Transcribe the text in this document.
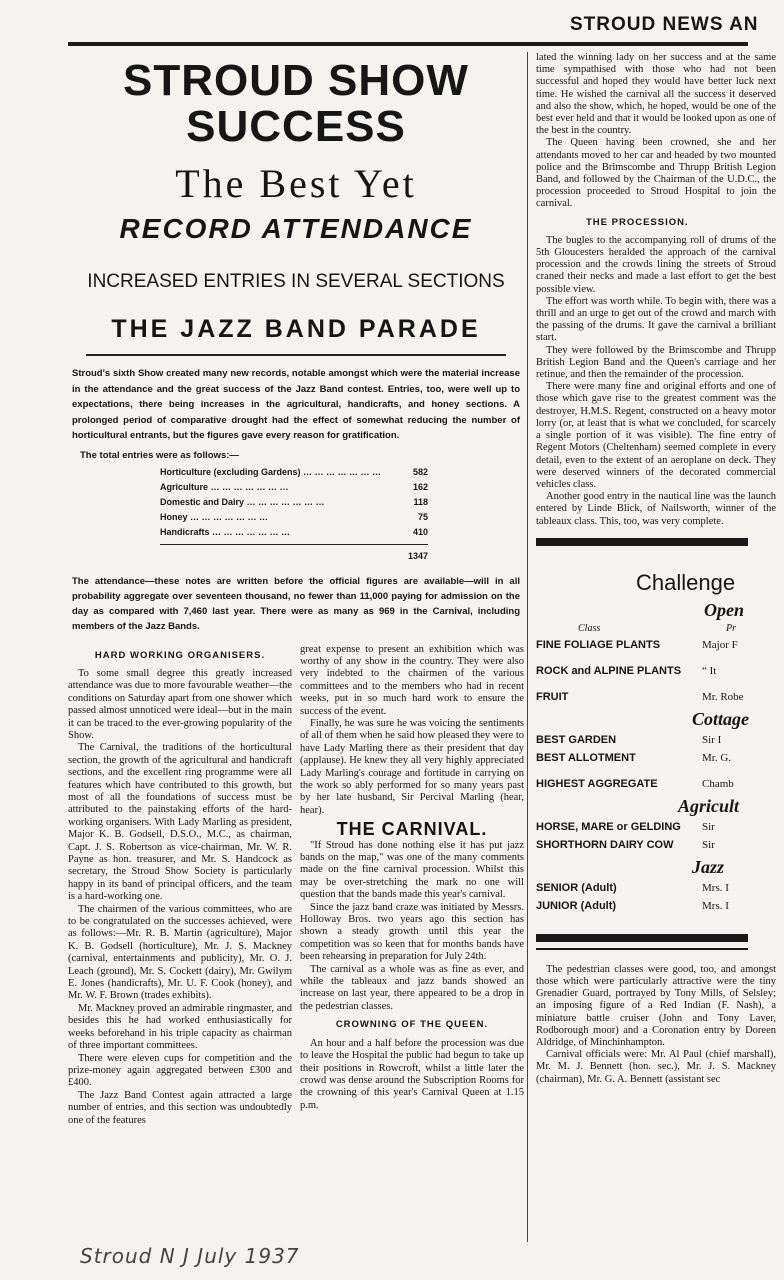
STROUD NEWS AN
STROUD SHOW SUCCESS
The Best Yet
RECORD ATTENDANCE
INCREASED ENTRIES IN SEVERAL SECTIONS
THE JAZZ BAND PARADE
Stroud's sixth Show created many new records, notable amongst which were the material increase in the attendance and the great success of the Jazz Band contest. Entries, too, were well up to expectations, there being increases in the agricultural, handicrafts, and honey sections. A prolonged period of comparative drought had the effect of somewhat reducing the number of horticultural entrants, but the figures gave every reason for gratification.
The total entries were as follows:—
Horticulture (excluding Gardens) … … … … … … …	582
Agriculture … … … … … … …	162
Domestic and Dairy … … … … … … …	118
Honey … … … … … … …	75
Handicrafts … … … … … … …	410
1347
The attendance—these notes are written before the official figures are available—will in all probability aggregate over seventeen thousand, no fewer than 11,000 paying for admission on the day as compared with 7,460 last year. There were as many as 969 in the Carnival, including members of the Jazz Bands.
HARD WORKING ORGANISERS.

To some small degree this greatly increased attendance was due to more favourable weather—the conditions on Saturday apart from one shower which passed almost unnoticed were ideal—but in the main it can be traced to the ever-growing popularity of the Show.

The Carnival, the traditions of the horticultural section, the growth of the agricultural and handicraft sections, and the excellent ring programme were all features which have contributed to this growth, but most of all the foundations of success must be attributed to the painstaking efforts of the hard-working organisers. With Lady Marling as president, Major K. B. Godsell, D.S.O., M.C., as chairman, Capt. J. S. Robertson as vice-chairman, Mr. W. R. Payne as hon. treasurer, and Mr. S. Handcock as secretary, the Stroud Show Society is particularly happy in its band of principal officers, and the team is a hard-working one.

The chairmen of the various committees, who are to be congratulated on the successes achieved, were as follows:—Mr. R. B. Martin (agriculture), Major K. B. Godsell (horticulture), Mr. J. S. Mackney (carnival, entertainments and publicity), Mr. O. J. Leach (ground), Mr. S. Cockett (dairy), Mr. Gwilym E. Jones (handicrafts), Mr. U. F. Cook (honey), and Mr. W. F. Brown (trades exhibits).

Mr. Mackney proved an admirable ringmaster, and besides this he had worked enthusiastically for weeks beforehand in his triple capacity as chairman of three important committees.

There were eleven cups for competition and the prize-money again aggregated between £300 and £400.

The Jazz Band Contest again attracted a large number of entries, and this section was undoubtedly one of the features

great expense to present an exhibition which was worthy of any show in the country. They were also very indebted to the chairmen of the various committees and to the members who had in recent weeks, put in so much hard work to ensure the success of the event.

Finally, he was sure he was voicing the sentiments of all of them when he said how pleased they were to have Lady Marling there as their president that day (applause). He knew they all very highly appreciated Lady Marling's courage and fortitude in carrying on the work so ably performed for so many years past by her late husband, Sir Percival Marling (hear, hear).

THE CARNIVAL.

"If Stroud has done nothing else it has put jazz bands on the map," was one of the many comments made on the fine carnival procession. Whilst this may be over-stretching the mark no one will question that the bands made this year's carnival.

Since the jazz band craze was initiated by Messrs. Holloway Bros. two years ago this section has shown a steady growth until this year the competition was so keen that for months bands have been rehearsing in preparation for July 24th.

The carnival as a whole was as fine as ever, and while the tableaux and jazz bands showed an increase on last year, there appeared to be a drop in the pedestrian classes.

CROWNING OF THE QUEEN.

An hour and a half before the procession was due to leave the Hospital the public had begun to take up their positions in Rowcroft, whilst a little later the crowd was dense around the Subscription Rooms for the crowning of this year's Carnival Queen at 1.15 p.m.

lated the winning lady on her success and at the same time sympathised with those who had not been successful and hoped they would have better luck next time. He wished the carnival all the success it deserved and also the show, which, he hoped, would be one of the best ever held and that it would be looked upon as one of the best in the country.

The Queen having been crowned, she and her attendants moved to her car and headed by two mounted police and the Brimscombe and Thrupp British Legion Band, and followed by the Chairman of the U.D.C., the procession proceeded to Stroud Hospital to join the carnival.

THE PROCESSION.

The bugles to the accompanying roll of drums of the 5th Gloucesters heralded the approach of the carnival procession and the crowds lining the streets of Stroud craned their necks and made a last effort to get the best possible view.

The effort was worth while. To begin with, there was a thrill and an urge to get out of the crowd and march with the passing of the drums. It gave the carnival a brilliant start.

They were followed by the Brimscombe and Thrupp British Legion Band and the Queen's carriage and her retinue, and then the remainder of the procession.

There were many fine and original efforts and one of those which gave rise to the greatest comment was the destroyer, H.M.S. Regent, constructed on a heavy motor lorry (or, at least that is what we concluded, for scarcely a single portion of it was visible). The fine entry of Regent Motors (Cheltenham) seemed complete in every detail, even to the extent of an aeroplane on deck. They were deserved winners of the decorated commercial vehicles class.

Another good entry in the nautical line was the launch entered by Linde Blick, of Nailsworth, winner of the tableaux class. This, too, was very complete.

Challenge
Open
Class	Pr
FINE FOLIAGE PLANTS	Major F
ROCK and ALPINE PLANTS “ It
FRUIT	Mr. Robe
Cottage
BEST GARDEN	Sir I
BEST ALLOTMENT	Mr. G.
HIGHEST AGGREGATE	Chamb
Agricult
HORSE, MARE or GELDING Sir
SHORTHORN DAIRY COW	Sir
Jazz
SENIOR (Adult)	Mrs. I
JUNIOR (Adult)	Mrs. I

The pedestrian classes were good, too, and amongst those which were particularly attractive were the tiny Grenadier Guard, portrayed by Tony Mills, of Selsley; an imposing figure of a Red Indian (F. Nash), a miniature battle cruiser (John and Tony Laver, Rodborough moor) and a Coronation entry by Doreen Aldridge, of Minchinhampton.

Carnival officials were: Mr. Al Paul (chief marshall), Mr. M. J. Bennett (hon. sec.), Mr. J. S. Mackney (chairman), Mr. G. A. Bennett (assistant sec

Stroud N J July 1937
